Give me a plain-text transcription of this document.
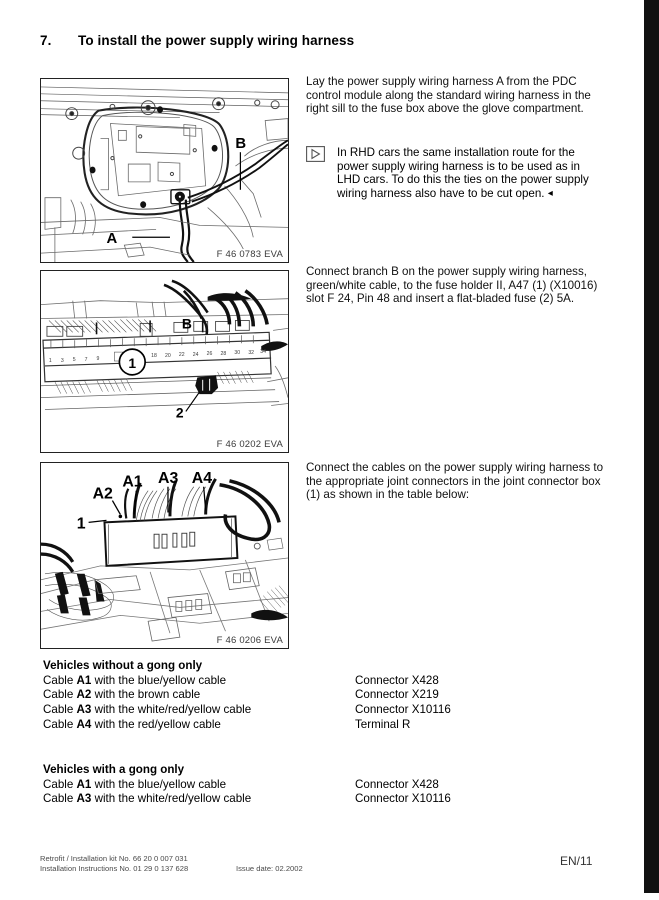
7. To install the power supply wiring harness
A
B
F 46 0783 EVA
1 3 5 7 9	18 20 22 24 26 28 30 32 34
1
B
2
F 46 0202 EVA
A2
A1 A3 A4
1
F 46 0206 EVA
Lay the power supply wiring harness A from the PDC control module along the standard wiring harness in the right sill to the fuse box above the glove compartment.
In RHD cars the same installation route for the power supply wiring harness is to be used as in LHD cars. To do this the ties on the power supply wiring harness also have to be cut open. ◂
Connect branch B on the power supply wiring harness, green/white cable, to the fuse holder II, A47 (1) (X10016) slot F 24, Pin 48 and insert a flat-bladed fuse (2) 5A.
Connect the cables on the power supply wiring harness to the appropriate joint connectors in the joint connector box (1) as shown in the table below:
Vehicles without a gong only
Cable A1 with the blue/yellow cable	Connector X428
Cable A2 with the brown cable	Connector X219
Cable A3 with the white/red/yellow cable	Connector X10116
Cable A4 with the red/yellow cable	Terminal R
Vehicles with a gong only
Cable A1 with the blue/yellow cable	Connector X428
Cable A3 with the white/red/yellow cable	Connector X10116
Retrofit / Installation kit No. 66 20 0 007 031
Installation Instructions No. 01 29 0 137 628	Issue date: 02.2002
EN/11
